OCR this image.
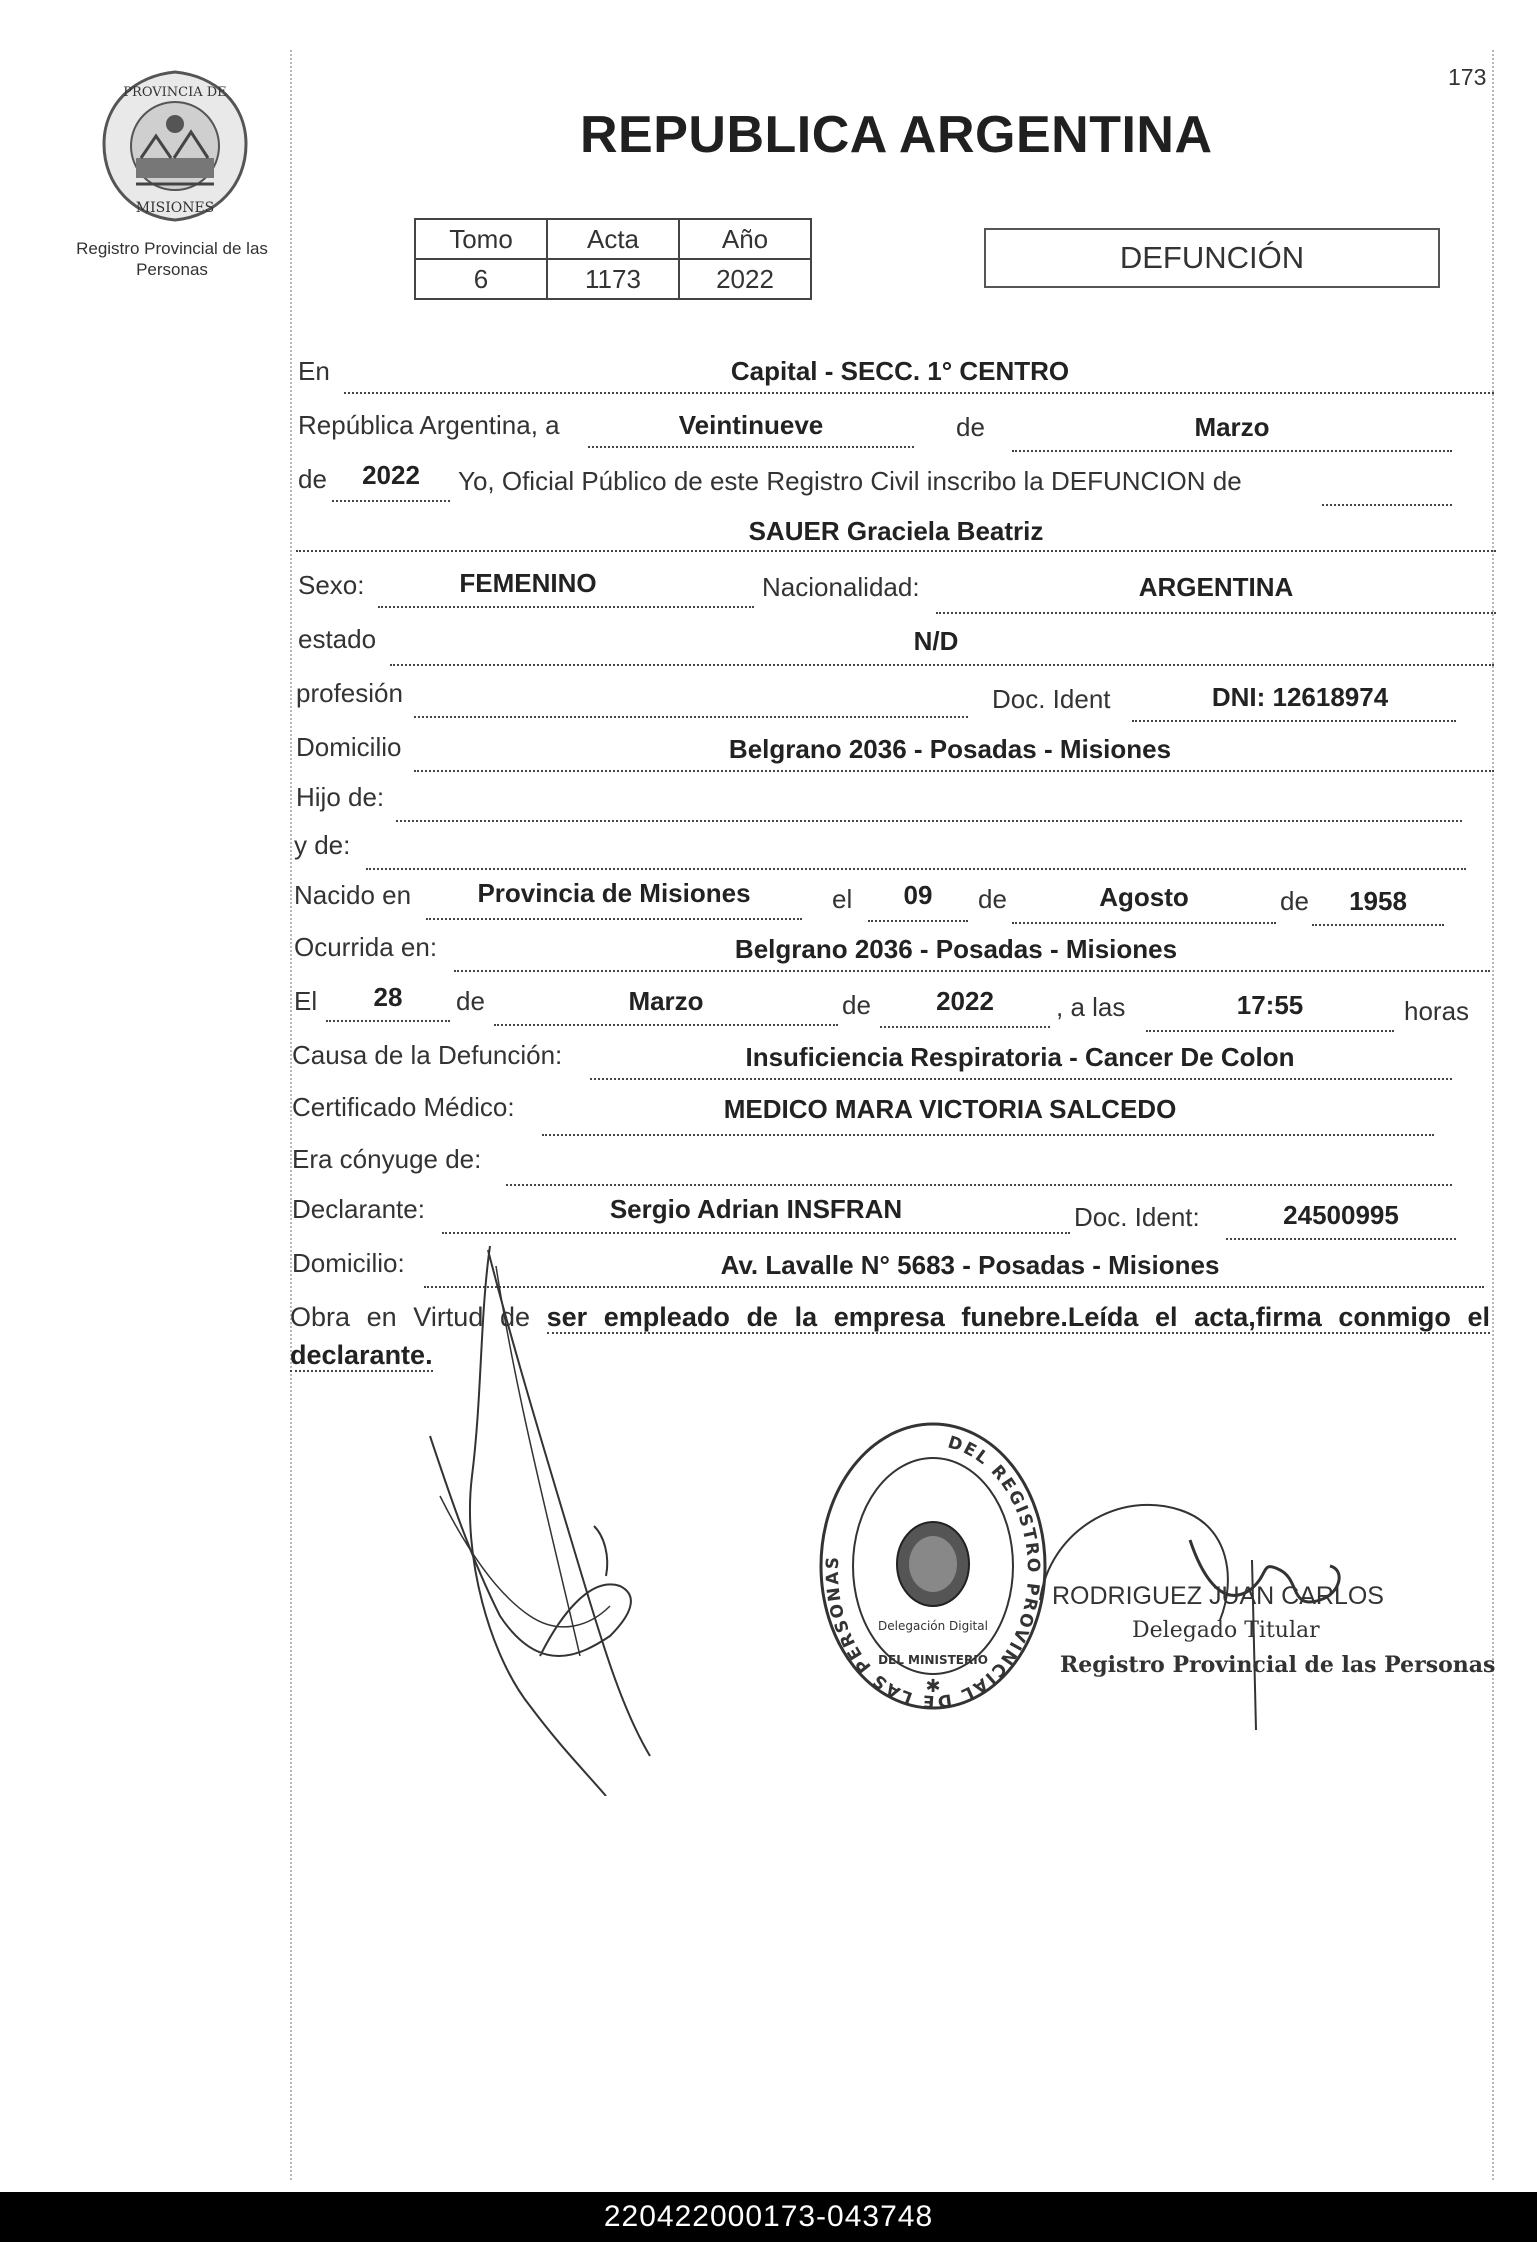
173
PROVINCIA DE
MISIONES
Registro Provincial de las Personas
REPUBLICA ARGENTINA
Tomo	Acta	Año
6	1173	2022
DEFUNCIÓN
En	Capital - SECC. 1° CENTRO
República Argentina, a	Veintinueve	de	Marzo
de	2022	Yo, Oficial Público de este Registro Civil inscribo la DEFUNCION de
SAUER Graciela Beatriz
Sexo:	FEMENINO	Nacionalidad:	ARGENTINA
estado	N/D
profesión	Doc. Ident	DNI: 12618974
Domicilio	Belgrano 2036 - Posadas - Misiones
Hijo de:
y de:
Nacido en	Provincia de Misiones	el	09	de	Agosto	de	1958
Ocurrida en:	Belgrano 2036 - Posadas - Misiones
El	28	de	Marzo	de	2022	, a las	17:55	horas
Causa de la Defunción:	Insuficiencia Respiratoria - Cancer De Colon
Certificado Médico:	MEDICO MARA VICTORIA SALCEDO
Era cónyuge de:
Declarante:	Sergio Adrian INSFRAN	Doc. Ident:	24500995
Domicilio:	Av. Lavalle N° 5683 - Posadas - Misiones
Obra en Virtud de ser empleado de la empresa funebre.Leída el acta,firma conmigo el declarante.
DEL REGISTRO PROVINCIAL DE LAS PERSONAS
Delegación Digital
DEL MINISTERIO
✱
RODRIGUEZ JUAN CARLOS
Delegado Titular
Registro Provincial de las Personas
220422000173-043748
